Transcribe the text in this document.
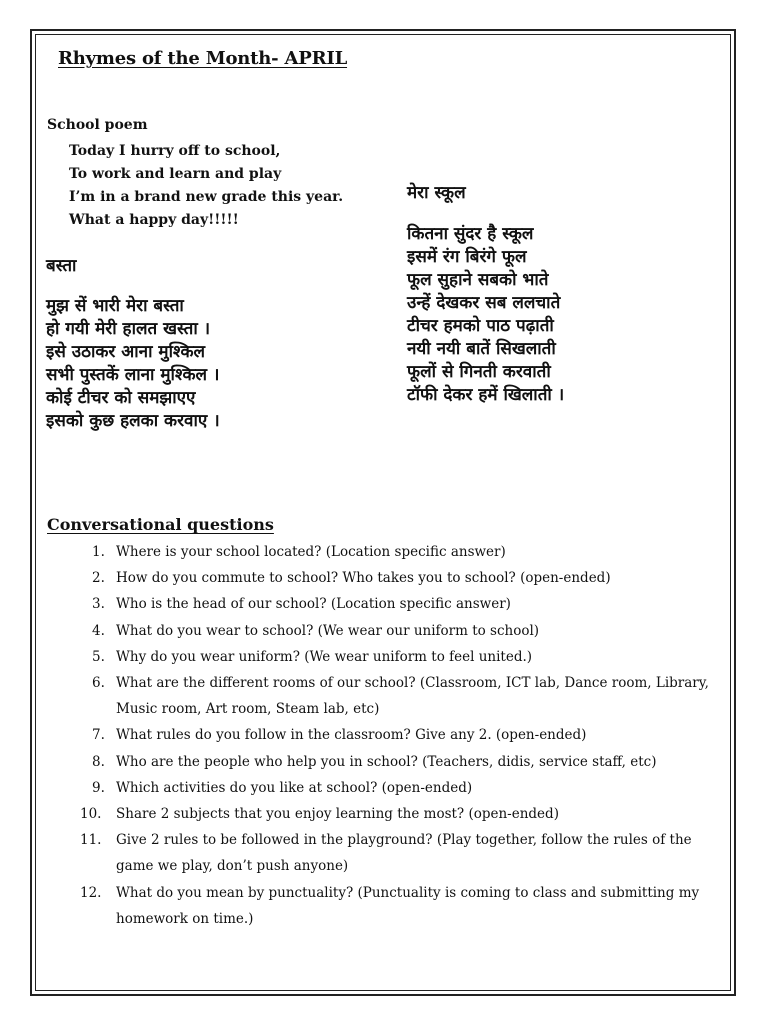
Rhymes of the Month- APRIL
School poem
Today I hurry off to school,
To work and learn and play
I’m in a brand new grade this year.
What a happy day!!!!!
बस्ता
मुझ सें भारी मेरा बस्ता
हो गयी मेरी हालत खस्ता ।
इसे उठाकर आना मुश्किल
सभी पुस्तकें लाना मुश्किल ।
कोई टीचर को समझाएए
इसको कुछ हलका करवाए ।
मेरा स्कूल
कितना सुंदर है स्कूल
इसमें रंग बिरंगे फूल
फूल सुहाने सबको भाते
उन्हें देखकर सब ललचाते
टीचर हमको पाठ पढ़ाती
नयी नयी बातें सिखलाती
फूलों से गिनती करवाती
टॉफी देकर हमें खिलाती ।
Conversational questions
1. Where is your school located? (Location specific answer)
2. How do you commute to school? Who takes you to school? (open-ended)
3. Who is the head of our school? (Location specific answer)
4. What do you wear to school? (We wear our uniform to school)
5. Why do you wear uniform? (We wear uniform to feel united.)
6. What are the different rooms of our school? (Classroom, ICT lab, Dance room, Library, Music room, Art room, Steam lab, etc)
7. What rules do you follow in the classroom? Give any 2. (open-ended)
8. Who are the people who help you in school? (Teachers, didis, service staff, etc)
9. Which activities do you like at school? (open-ended)
10.	Share 2 subjects that you enjoy learning the most? (open-ended)
11.	Give 2 rules to be followed in the playground? (Play together, follow the rules of the game we play, don’t push anyone)
12.	What do you mean by punctuality? (Punctuality is coming to class and submitting my homework on time.)
